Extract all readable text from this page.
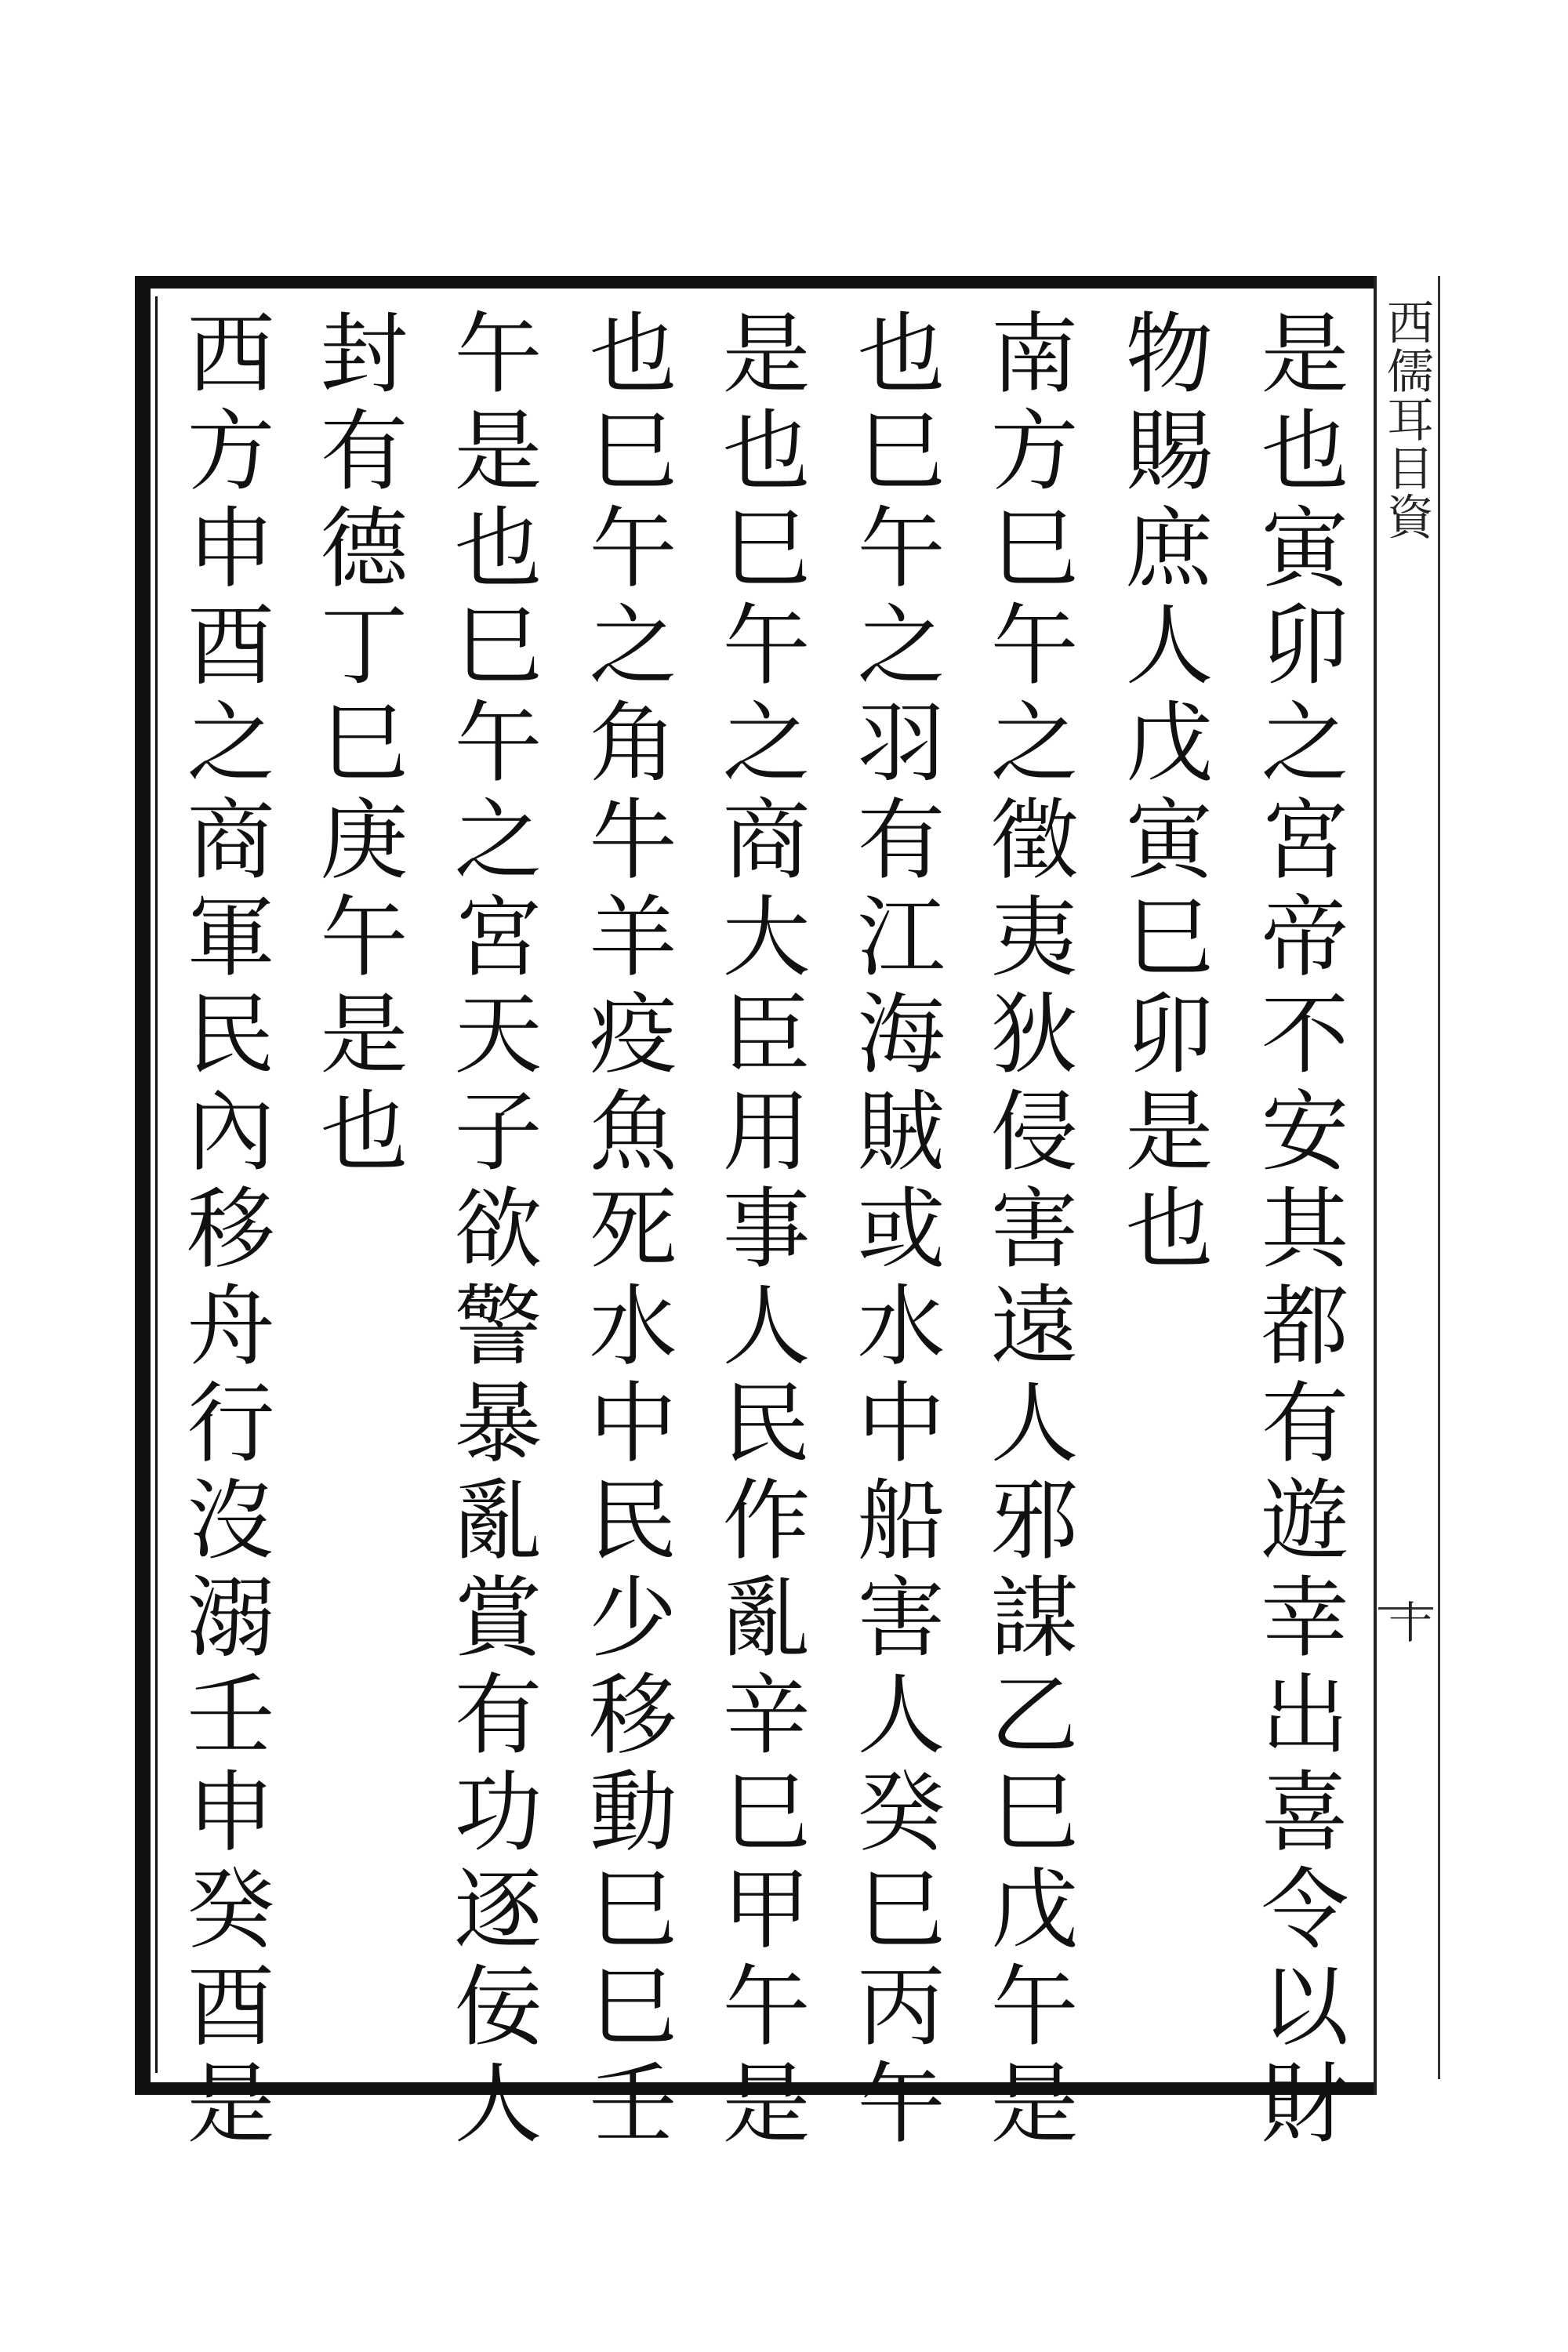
西儒耳目資
十
是也寅卯之宮帝不安其都有遊幸出喜令以財
物賜庶人戊寅巳卯是也
南方巳午之徵夷狄侵害遠人邪謀乙巳戊午是
也巳午之羽有江海賊或水中船害人癸巳丙午
是也巳午之商大臣用事人民作亂辛巳甲午是
也巳午之角牛羊疫魚死水中民少移動巳巳壬
午是也巳午之宮天子欲警暴亂賞有功逐佞人
封有德丁巳庚午是也
西方申酉之商軍民內移舟行沒溺壬申癸酉是
